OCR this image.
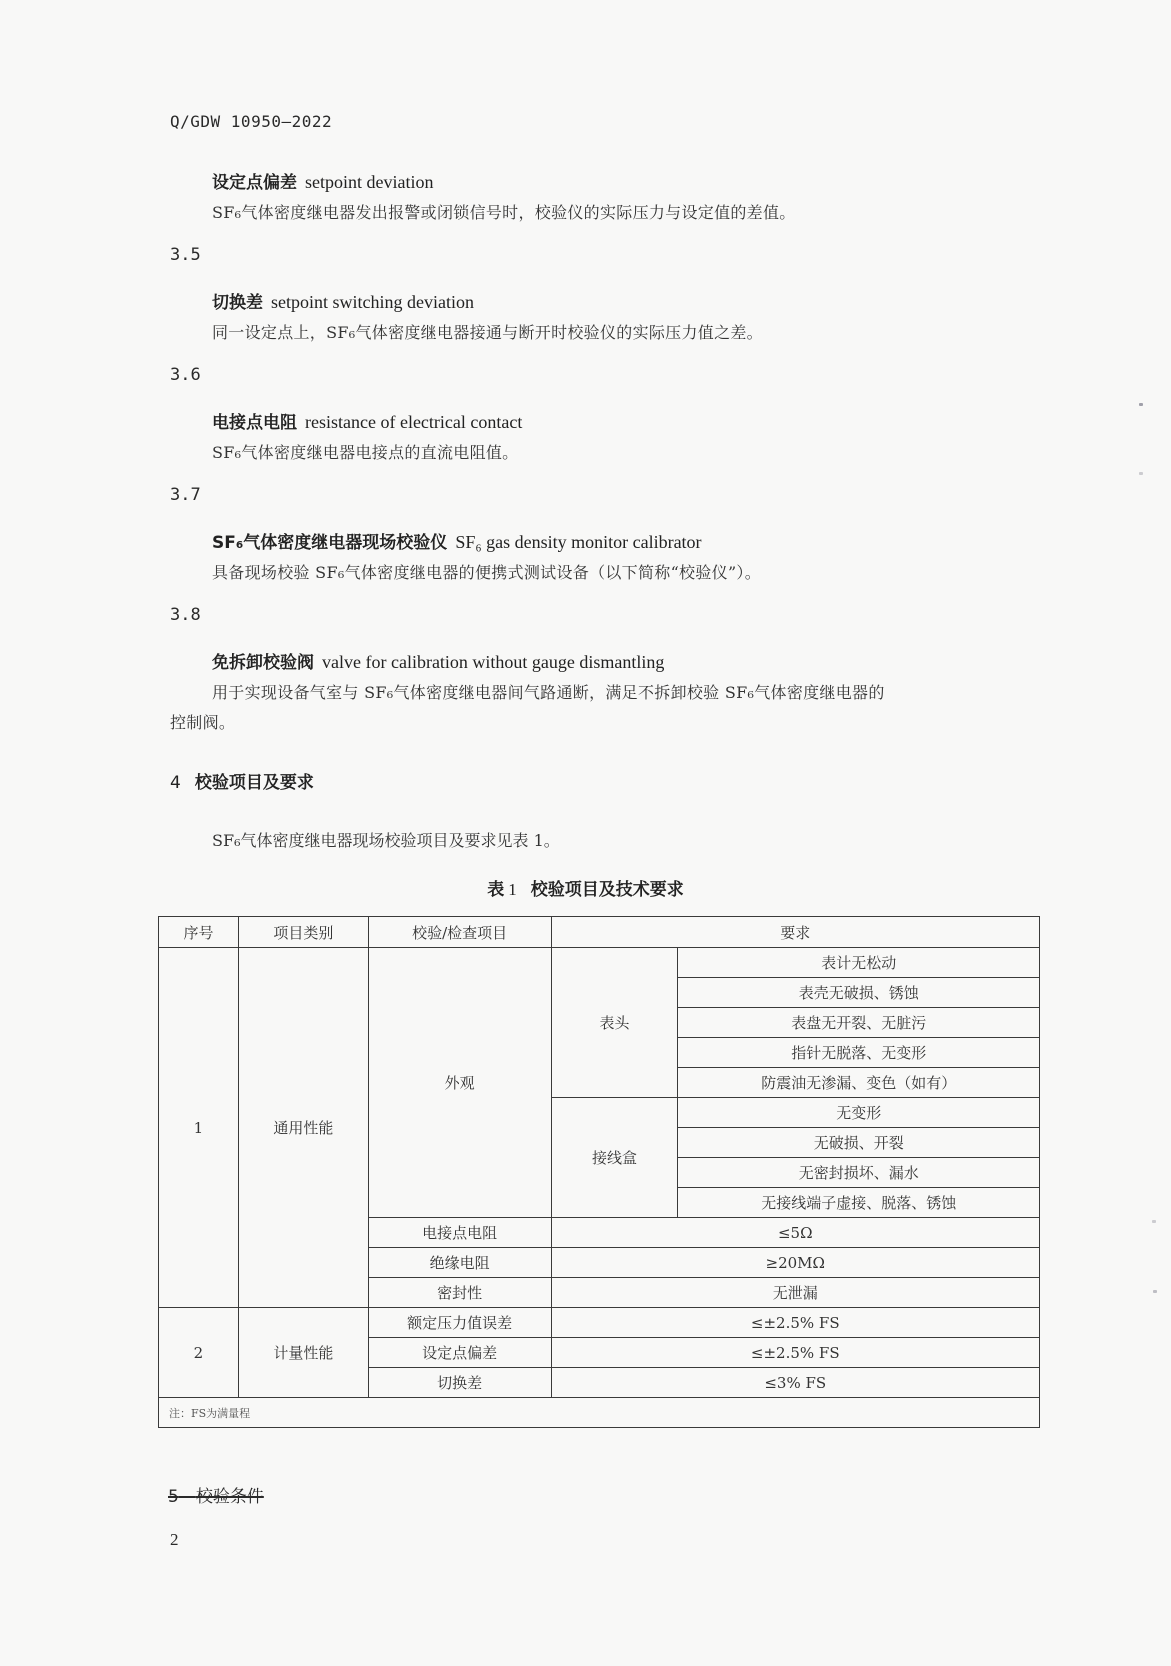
Q/GDW 10950—2022
设定点偏差 setpoint deviation
SF₆气体密度继电器发出报警或闭锁信号时，校验仪的实际压力与设定值的差值。
3.5
切换差 setpoint switching deviation
同一设定点上，SF₆气体密度继电器接通与断开时校验仪的实际压力值之差。
3.6
电接点电阻 resistance of electrical contact
SF₆气体密度继电器电接点的直流电阻值。
3.7
SF₆气体密度继电器现场校验仪 SF₆ gas density monitor calibrator
具备现场校验 SF₆气体密度继电器的便携式测试设备（以下简称“校验仪”）。
3.8
免拆卸校验阀 valve for calibration without gauge dismantling
用于实现设备气室与 SF₆气体密度继电器间气路通断，满足不拆卸校验 SF₆气体密度继电器的
控制阀。
4 校验项目及要求
SF₆气体密度继电器现场校验项目及要求见表 1。
表 1 校验项目及技术要求
序号	项目类别	校验/检查项目	要求	
1	通用性能	外观	表头	表计无松动
				表壳无破损、锈蚀
				表盘无开裂、无脏污
				指针无脱落、无变形
				防震油无渗漏、变色（如有）
			接线盒	无变形
				无破损、开裂
				无密封损坏、漏水
				无接线端子虚接、脱落、锈蚀
		电接点电阻	≤5Ω	
		绝缘电阻	≥20MΩ	
		密封性	无泄漏	
2	计量性能	额定压力值误差	≤±2.5% FS	
		设定点偏差	≤±2.5% FS	
		切换差	≤3% FS	
注：FS为满量程				
5  校验条件
2
